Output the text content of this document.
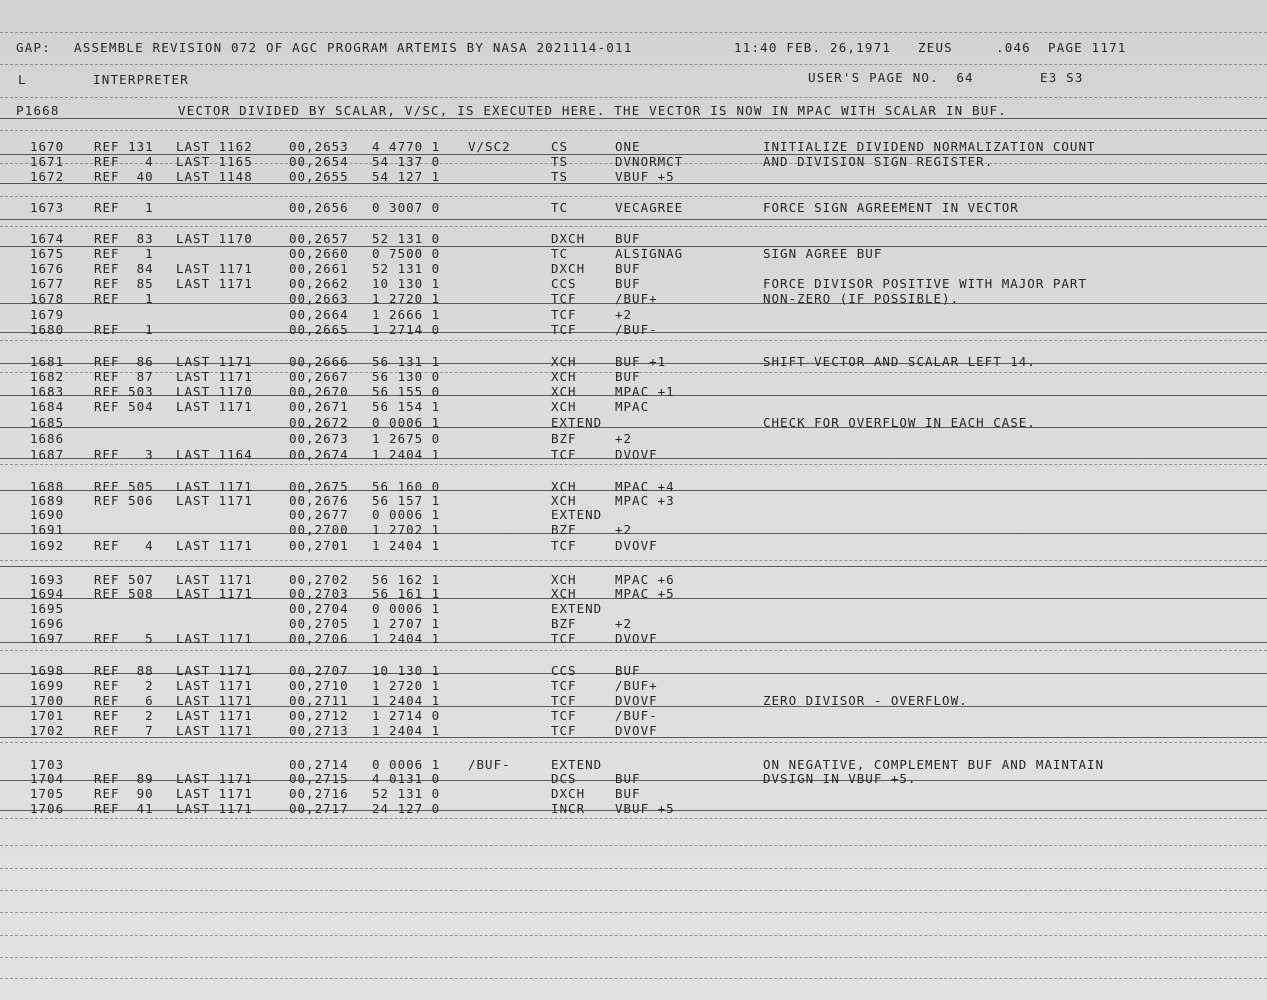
GAP: ASSEMBLE REVISION 072 OF AGC PROGRAM ARTEMIS BY NASA 2021114-011	11:40 FEB. 26,1971 ZEUS	.046 PAGE 1171
L	INTERPRETER	USER'S PAGE NO.  64	E3 S3
P1668	VECTOR DIVIDED BY SCALAR, V/SC, IS EXECUTED HERE. THE VECTOR IS NOW IN MPAC WITH SCALAR IN BUF.
1670 REF 131 LAST 1162	00,2653 4 4770 1 V/SC2	CS	ONE	INITIALIZE DIVIDEND NORMALIZATION COUNT
1671 REF   4 LAST 1165	00,2654 54 137 0	TS	DVNORMCT	AND DIVISION SIGN REGISTER.
1672 REF  40 LAST 1148	00,2655 54 127 1	TS	VBUF +5
1673 REF   1	00,2656 0 3007 0	TC	VECAGREE	FORCE SIGN AGREEMENT IN VECTOR
1674 REF  83 LAST 1170	00,2657 52 131 0	DXCH BUF
1675 REF   1	00,2660 0 7500 0	TC	ALSIGNAG	SIGN AGREE BUF
1676 REF  84 LAST 1171	00,2661 52 131 0	DXCH BUF
1677 REF  85 LAST 1171	00,2662 10 130 1	CCS	BUF	FORCE DIVISOR POSITIVE WITH MAJOR PART
1678 REF   1	00,2663 1 2720 1	TCF	/BUF+	NON-ZERO (IF POSSIBLE).
1679	00,2664 1 2666 1	TCF	+2
1680 REF   1	00,2665 1 2714 0	TCF	/BUF-
1681 REF  86 LAST 1171	00,2666 56 131 1	XCH	BUF +1	SHIFT VECTOR AND SCALAR LEFT 14.
1682 REF  87 LAST 1171	00,2667 56 130 0	XCH	BUF
1683 REF 503 LAST 1170	00,2670 56 155 0	XCH	MPAC +1
1684 REF 504 LAST 1171	00,2671 56 154 1	XCH	MPAC
1685	00,2672 0 0006 1	EXTEND	CHECK FOR OVERFLOW IN EACH CASE.
1686	00,2673 1 2675 0	BZF	+2
1687 REF   3 LAST 1164	00,2674 1 2404 1	TCF	DVOVF
1688 REF 505 LAST 1171	00,2675 56 160 0	XCH	MPAC +4
1689 REF 506 LAST 1171	00,2676 56 157 1	XCH	MPAC +3
1690	00,2677 0 0006 1	EXTEND
1691	00,2700 1 2702 1	BZF	+2
1692 REF   4 LAST 1171	00,2701 1 2404 1	TCF	DVOVF
1693 REF 507 LAST 1171	00,2702 56 162 1	XCH	MPAC +6
1694 REF 508 LAST 1171	00,2703 56 161 1	XCH	MPAC +5
1695	00,2704 0 0006 1	EXTEND
1696	00,2705 1 2707 1	BZF	+2
1697 REF   5 LAST 1171	00,2706 1 2404 1	TCF	DVOVF
1698 REF  88 LAST 1171	00,2707 10 130 1	CCS	BUF
1699 REF   2 LAST 1171	00,2710 1 2720 1	TCF	/BUF+
1700 REF   6 LAST 1171	00,2711 1 2404 1	TCF	DVOVF	ZERO DIVISOR - OVERFLOW.
1701 REF   2 LAST 1171	00,2712 1 2714 0	TCF	/BUF-
1702 REF   7 LAST 1171	00,2713 1 2404 1	TCF	DVOVF
1703	00,2714 0 0006 1 /BUF-	EXTEND	ON NEGATIVE, COMPLEMENT BUF AND MAINTAIN
1704 REF  89 LAST 1171	00,2715 4 0131 0	DCS	BUF	DVSIGN IN VBUF +5.
1705 REF  90 LAST 1171	00,2716 52 131 0	DXCH BUF
1706 REF  41 LAST 1171	00,2717 24 127 0	INCR VBUF +5
